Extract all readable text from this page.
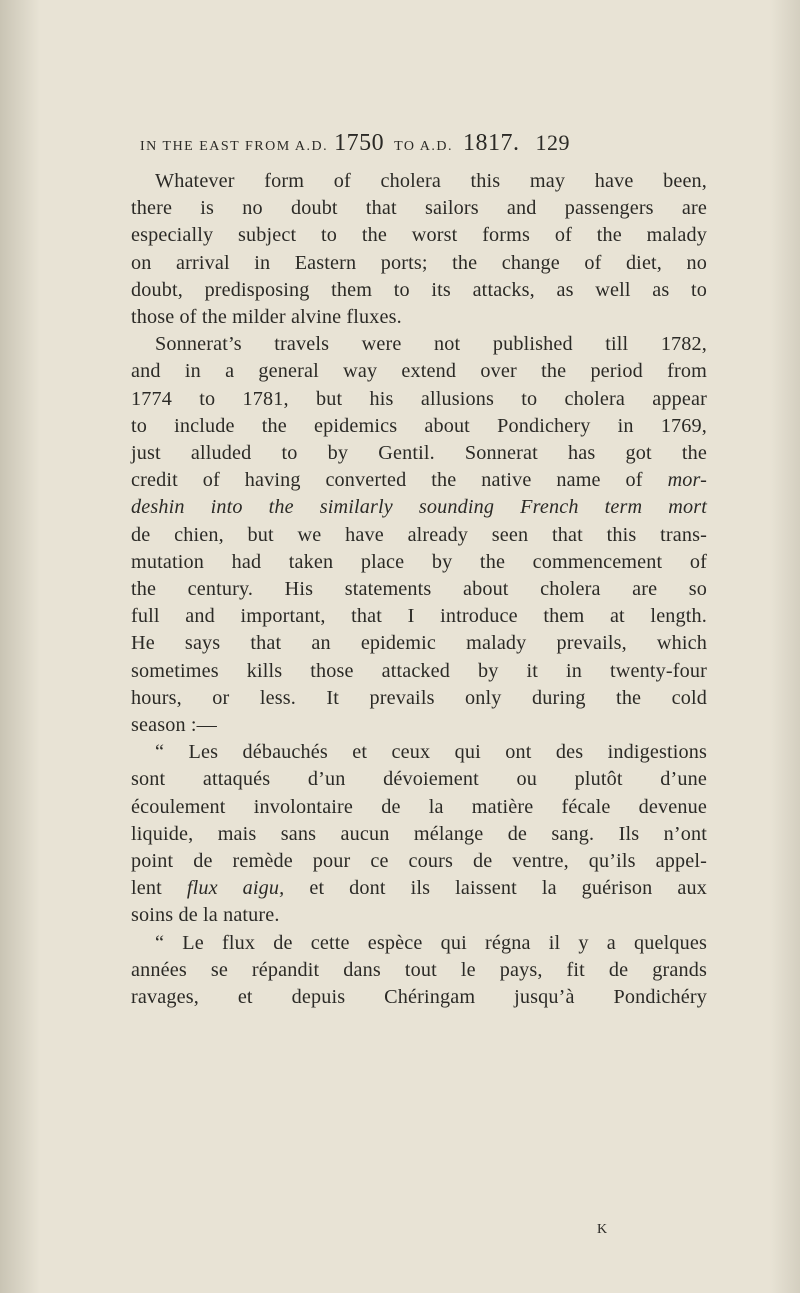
IN THE EAST FROM A.D. 1750 TO A.D. 1817. 129
Whatever form of cholera this may have been,
there is no doubt that sailors and passengers are
especially subject to the worst forms of the malady
on arrival in Eastern ports; the change of diet, no
doubt, predisposing them to its attacks, as well as to
those of the milder alvine fluxes.
Sonnerat’s travels were not published till 1782,
and in a general way extend over the period from
1774 to 1781, but his allusions to cholera appear
to include the epidemics about Pondichery in 1769,
just alluded to by Gentil. Sonnerat has got the
credit of having converted the native name of mor-
deshin into the similarly sounding French term mort
de chien, but we have already seen that this trans-
mutation had taken place by the commencement of
the century. His statements about cholera are so
full and important, that I introduce them at length.
He says that an epidemic malady prevails, which
sometimes kills those attacked by it in twenty-four
hours, or less. It prevails only during the cold
season :—
“ Les débauchés et ceux qui ont des indigestions
sont attaqués d’un dévoiement ou plutôt d’une
écoulement involontaire de la matière fécale devenue
liquide, mais sans aucun mélange de sang. Ils n’ont
point de remède pour ce cours de ventre, qu’ils appel-
lent flux aigu, et dont ils laissent la guérison aux
soins de la nature.
“ Le flux de cette espèce qui régna il y a quelques
années se répandit dans tout le pays, fit de grands
ravages, et depuis Chéringam jusqu’à Pondichéry
K
